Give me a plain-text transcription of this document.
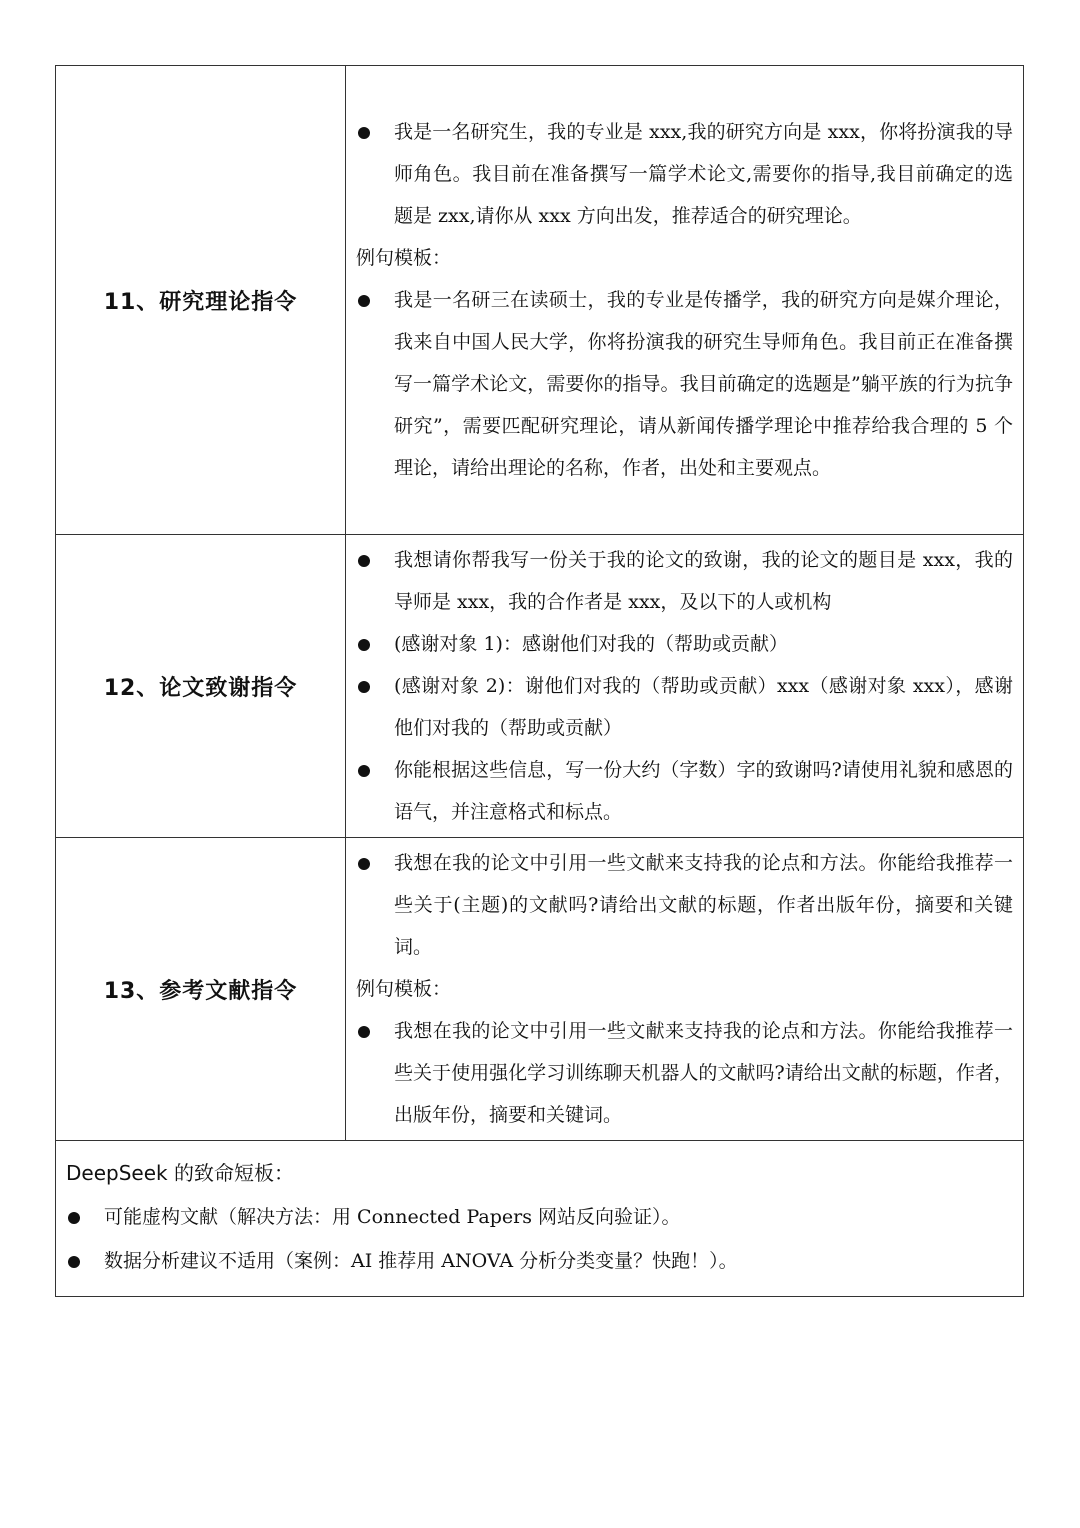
11、研究理论指令	我是一名研究生，我的专业是 xxx,我的研究方向是 xxx，你将扮演我的导师角色。我目前在准备撰写一篇学术论文,需要你的指导,我目前确定的选题是 zxx,请你从 xxx 方向出发，推荐适合的研究理论。
例句模板：
我是一名研三在读硕士，我的专业是传播学，我的研究方向是媒介理论，我来自中国人民大学，你将扮演我的研究生导师角色。我目前正在准备撰写一篇学术论文，需要你的指导。我目前确定的选题是”躺平族的行为抗争研究”，需要匹配研究理论，请从新闻传播学理论中推荐给我合理的 5 个理论，请给出理论的名称，作者，出处和主要观点。

12、论文致谢指令	我想请你帮我写一份关于我的论文的致谢，我的论文的题目是 xxx，我的导师是 xxx，我的合作者是 xxx，及以下的人或机构
(感谢对象 1)：感谢他们对我的（帮助或贡献）
(感谢对象 2)：谢他们对我的（帮助或贡献）xxx（感谢对象 xxx），感谢他们对我的（帮助或贡献）
你能根据这些信息，写一份大约（字数）字的致谢吗?请使用礼貌和感恩的语气，并注意格式和标点。

13、参考文献指令	我想在我的论文中引用一些文献来支持我的论点和方法。你能给我推荐一些关于(主题)的文献吗?请给出文献的标题，作者出版年份，摘要和关键词。
例句模板：
我想在我的论文中引用一些文献来支持我的论点和方法。你能给我推荐一些关于使用强化学习训练聊天机器人的文献吗?请给出文献的标题，作者，出版年份，摘要和关键词。

DeepSeek 的致命短板：
可能虚构文献（解决方法：用 Connected Papers 网站反向验证）。
数据分析建议不适用（案例：AI 推荐用 ANOVA 分析分类变量？快跑！）。	
